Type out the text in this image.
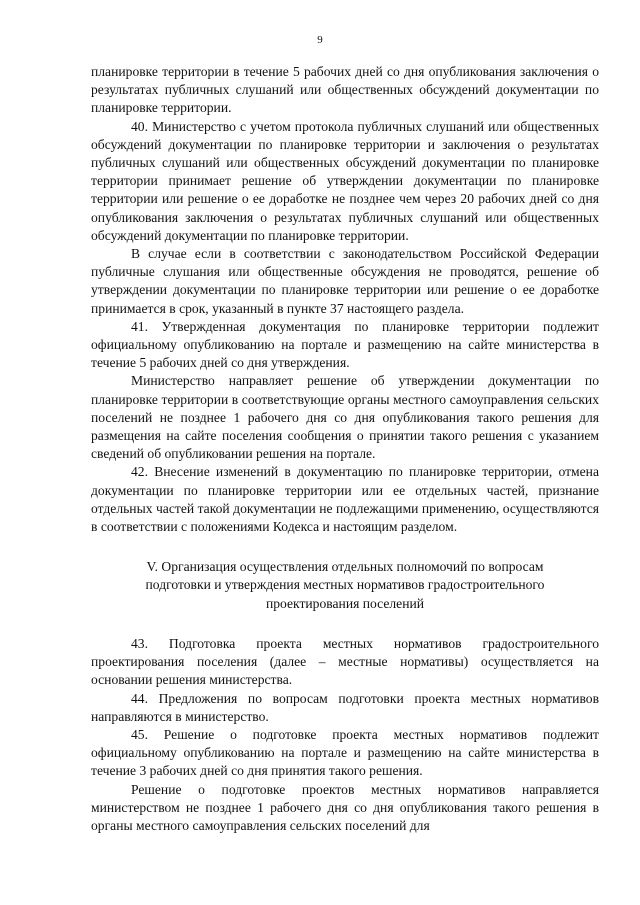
9

планировке территории в течение 5 рабочих дней со дня опубликования заключения о результатах публичных слушаний или общественных обсуждений документации по планировке территории.

40. Министерство с учетом протокола публичных слушаний или общественных обсуждений документации по планировке территории и заключения о результатах публичных слушаний или общественных обсуждений документации по планировке территории принимает решение об утверждении документации по планировке территории или решение о ее доработке не позднее чем через 20 рабочих дней со дня опубликования заключения о результатах публичных слушаний или общественных обсуждений документации по планировке территории.

В случае если в соответствии с законодательством Российской Федерации публичные слушания или общественные обсуждения не проводятся, решение об утверждении документации по планировке территории или решение о ее доработке принимается в срок, указанный в пункте 37 настоящего раздела.

41. Утвержденная документация по планировке территории подлежит официальному опубликованию на портале и размещению на сайте министерства в течение 5 рабочих дней со дня утверждения.

Министерство направляет решение об утверждении документации по планировке территории в соответствующие органы местного самоуправления сельских поселений не позднее 1 рабочего дня со дня опубликования такого решения для размещения на сайте поселения сообщения о принятии такого решения с указанием сведений об опубликовании решения на портале.

42. Внесение изменений в документацию по планировке территории, отмена документации по планировке территории или ее отдельных частей, признание отдельных частей такой документации не подлежащими применению, осуществляются в соответствии с положениями Кодекса и настоящим разделом.

V. Организация осуществления отдельных полномочий по вопросам
подготовки и утверждения местных нормативов градостроительного
проектирования поселений

43. Подготовка проекта местных нормативов градостроительного проектирования поселения (далее – местные нормативы) осуществляется на основании решения министерства.

44. Предложения по вопросам подготовки проекта местных нормативов направляются в министерство.

45. Решение о подготовке проекта местных нормативов подлежит официальному опубликованию на портале и размещению на сайте министерства в течение 3 рабочих дней со дня принятия такого решения.

Решение о подготовке проектов местных нормативов направляется министерством не позднее 1 рабочего дня со дня опубликования такого решения в органы местного самоуправления сельских поселений для
